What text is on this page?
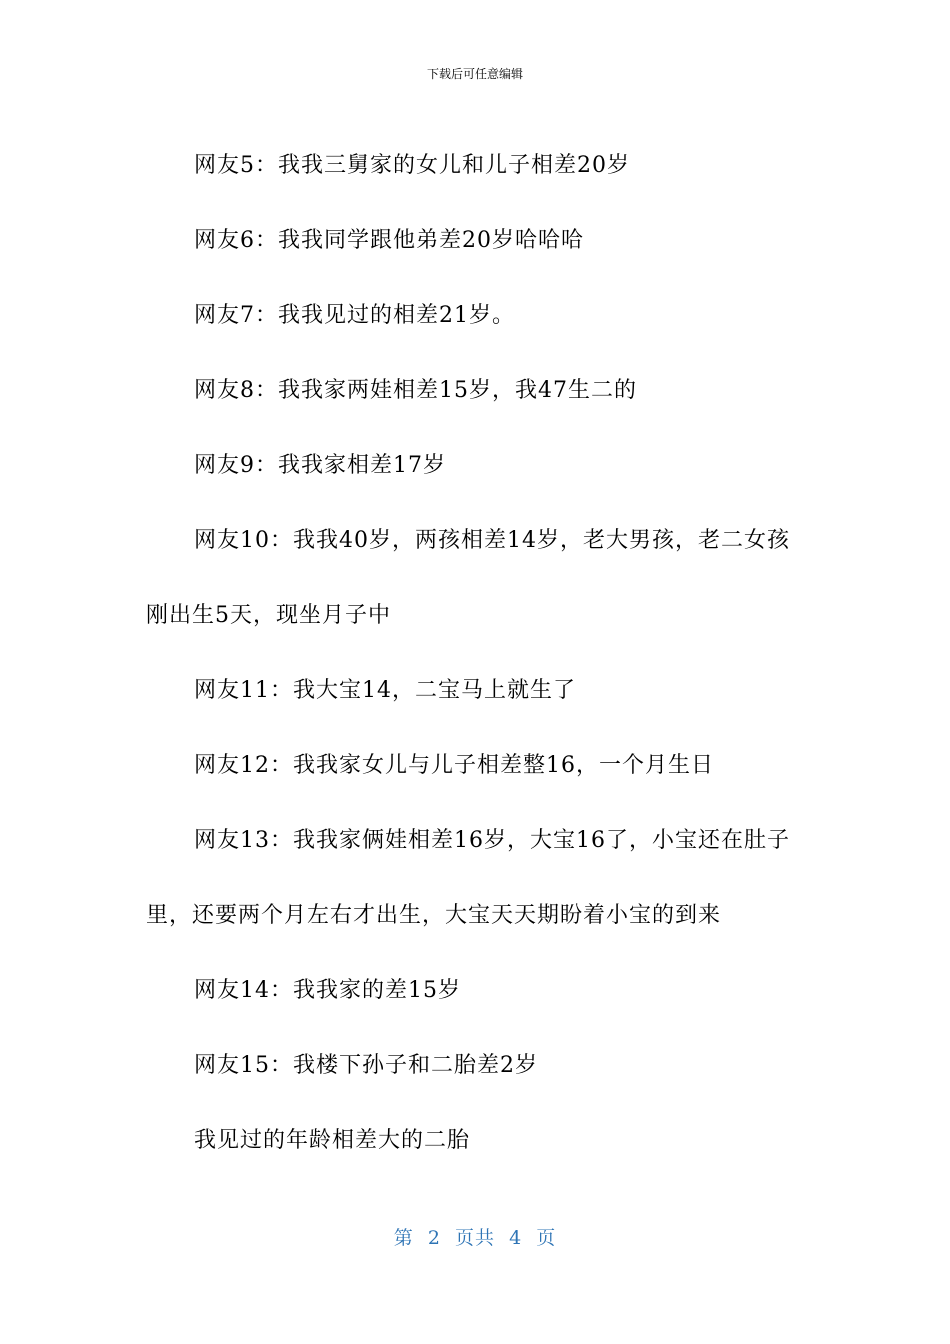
下载后可任意编辑

网友5：我我三舅家的女儿和儿子相差20岁

网友6：我我同学跟他弟差20岁哈哈哈

网友7：我我见过的相差21岁。

网友8：我我家两娃相差15岁，我47生二的

网友9：我我家相差17岁

网友10：我我40岁，两孩相差14岁，老大男孩，老二女孩刚出生5天，现坐月子中

网友11：我大宝14，二宝马上就生了

网友12：我我家女儿与儿子相差整16，一个月生日

网友13：我我家俩娃相差16岁，大宝16了，小宝还在肚子里，还要两个月左右才出生，大宝天天期盼着小宝的到来

网友14：我我家的差15岁

网友15：我楼下孙子和二胎差2岁

我见过的年龄相差大的二胎

第  2  页共  4  页
